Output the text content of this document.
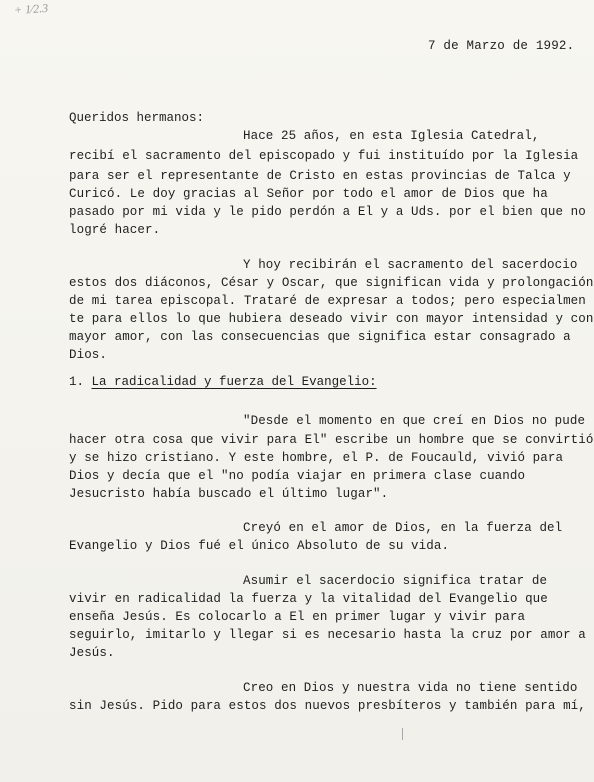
+ 1∕2.3
7 de Marzo de 1992.
Queridos hermanos:
Hace 25 años, en esta Iglesia Catedral,
recibí el sacramento del episcopado y fui instituído por la Iglesia
para ser el representante de Cristo en estas provincias de Talca y
Curicó. Le doy gracias al Señor por todo el amor de Dios que ha
pasado por mi vida y le pido perdón a El y a Uds. por el bien que no
logré hacer.
Y hoy recibirán el sacramento del sacerdocio
estos dos diáconos, César y Oscar, que significan vida y prolongación
de mi tarea episcopal. Trataré de expresar a todos; pero especialmen
te para ellos lo que hubiera deseado vivir con mayor intensidad y con
mayor amor, con las consecuencias que significa estar consagrado a
Dios.
1. La radicalidad y fuerza del Evangelio:
"Desde el momento en que creí en Dios no pude
hacer otra cosa que vivir para El" escribe un hombre que se convirtió
y se hizo cristiano. Y este hombre, el P. de Foucauld, vivió para
Dios y decía que el "no podía viajar en primera clase cuando
Jesucristo había buscado el último lugar".
Creyó en el amor de Dios, en la fuerza del
Evangelio y Dios fué el único Absoluto de su vida.
Asumir el sacerdocio significa tratar de
vivir en radicalidad la fuerza y la vitalidad del Evangelio que
enseña Jesús. Es colocarlo a El en primer lugar y vivir para
seguirlo, imitarlo y llegar si es necesario hasta la cruz por amor a
Jesús.
Creo en Dios y nuestra vida no tiene sentido
sin Jesús. Pido para estos dos nuevos presbíteros y también para mí,
